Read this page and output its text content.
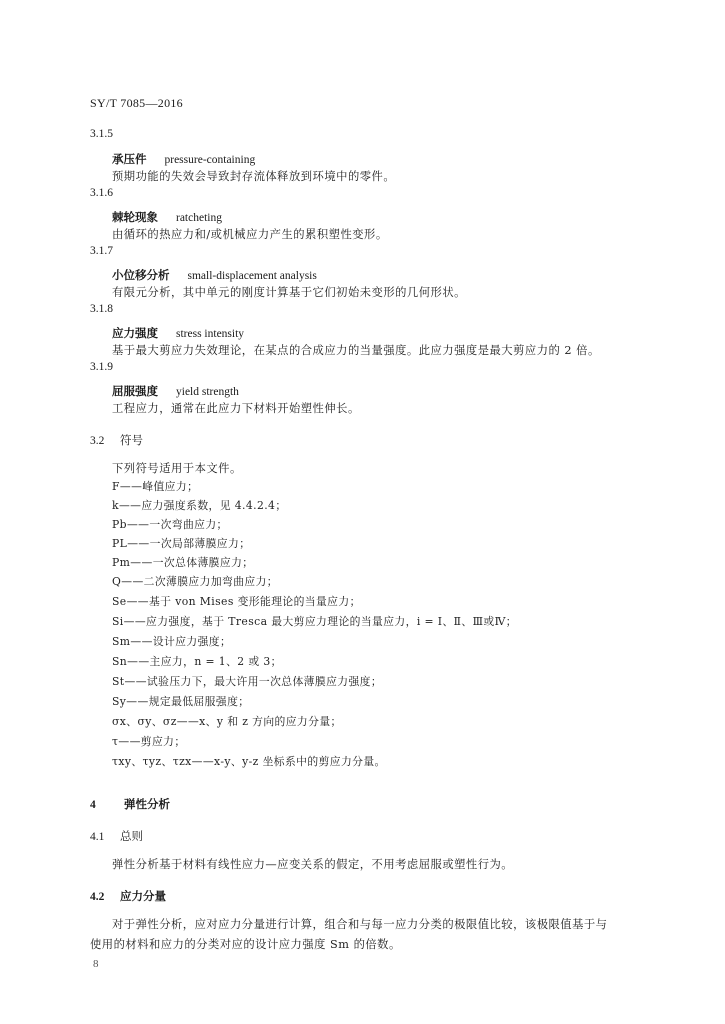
SY/T 7085—2016
3.1.5
承压件 pressure-containing
预期功能的失效会导致封存流体释放到环境中的零件。
3.1.6
棘轮现象 ratcheting
由循环的热应力和/或机械应力产生的累积塑性变形。
3.1.7
小位移分析 small-displacement analysis
有限元分析，其中单元的刚度计算基于它们初始未变形的几何形状。
3.1.8
应力强度 stress intensity
基于最大剪应力失效理论，在某点的合成应力的当量强度。此应力强度是最大剪应力的 2 倍。
3.1.9
屈服强度 yield strength
工程应力，通常在此应力下材料开始塑性伸长。
3.2 符号
下列符号适用于本文件。
F——峰值应力；
k——应力强度系数，见 4.4.2.4；
Pb——一次弯曲应力；
PL——一次局部薄膜应力；
Pm——一次总体薄膜应力；
Q——二次薄膜应力加弯曲应力；
Se——基于 von Mises 变形能理论的当量应力；
Si——应力强度，基于 Tresca 最大剪应力理论的当量应力，i = Ⅰ、Ⅱ、Ⅲ或Ⅳ；
Sm——设计应力强度；
Sn——主应力，n = 1、2 或 3；
St——试验压力下，最大许用一次总体薄膜应力强度；
Sy——规定最低屈服强度；
σx、σy、σz——x、y 和 z 方向的应力分量；
τ——剪应力；
τxy、τyz、τzx——x-y、y-z 坐标系中的剪应力分量。
4 弹性分析
4.1 总则
弹性分析基于材料有线性应力—应变关系的假定，不用考虑屈服或塑性行为。
4.2 应力分量
对于弹性分析，应对应力分量进行计算，组合和与每一应力分类的极限值比较，该极限值基于与
使用的材料和应力的分类对应的设计应力强度 Sm 的倍数。
8
